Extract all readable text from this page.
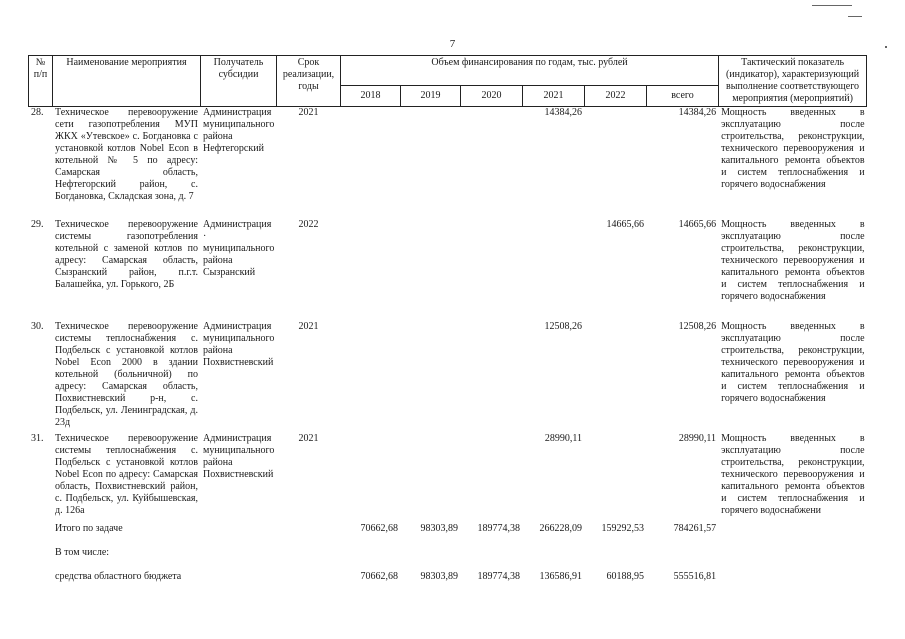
7
№ п/п	Наименование мероприятия	Получатель субсидии	Срок реализации, годы	Объем финансирования по годам, тыс. рублей						Тактический показатель (индикатор), характеризующий выполнение соответствующего мероприятия (мероприятий)
				2018	2019	2020	2021	2022	всего	
28.	Техническое перевооружение сети газопотребления МУП ЖКХ «Утевское» с. Богдановка с установкой котлов Nobel Econ в котельной № 5 по адресу: Самарская область, Нефтегорский район, с. Богдановка, Складская зона, д. 7	Администрация муниципального района Нефтегорский	2021				14384,26		14384,26	Мощность введенных в эксплуатацию после строительства, реконструкции, технического перевооружения и капитального ремонта объектов и систем теплоснабжения и горячего водоснабжения
29.	Техническое перевооружение системы газопотребления котельной с заменой котлов по адресу: Самарская область, Сызранский район, п.г.т. Балашейка, ул. Горького, 2Б	Администрация · муниципального района Сызранский	2022					14665,66	14665,66	Мощность введенных в эксплуатацию после строительства, реконструкции, технического перевооружения и капитального ремонта объектов и систем теплоснабжения и горячего водоснабжения
30.	Техническое перевооружение системы теплоснабжения с. Подбельск с установкой котлов Nobel Econ 2000 в здании котельной (больничной) по адресу: Самарская область, Похвистневский р-н, с. Подбельск, ул. Ленинградская, д. 23д	Администрация муниципального района Похвистневский	2021				12508,26		12508,26	Мощность введенных в эксплуатацию после строительства, реконструкции, технического перевооружения и капитального ремонта объектов и систем теплоснабжения и горячего водоснабжения
31.	Техническое перевооружение системы теплоснабжения с. Подбельск с установкой котлов Nobel Econ по адресу: Самарская область, Похвистневский район, с. Подбельск, ул. Куйбышевская, д. 126а	Администрация муниципального района Похвистневский	2021				28990,11		28990,11	Мощность введенных в эксплуатацию после строительства, реконструкции, технического перевооружения и капитального ремонта объектов и систем теплоснабжения и горячего водоснабжени
	Итого по задаче			70662,68	98303,89	189774,38	266228,09	159292,53	784261,57	
	В том числе:									
	средства областного бюджета			70662,68	98303,89	189774,38	136586,91	60188,95	555516,81	
